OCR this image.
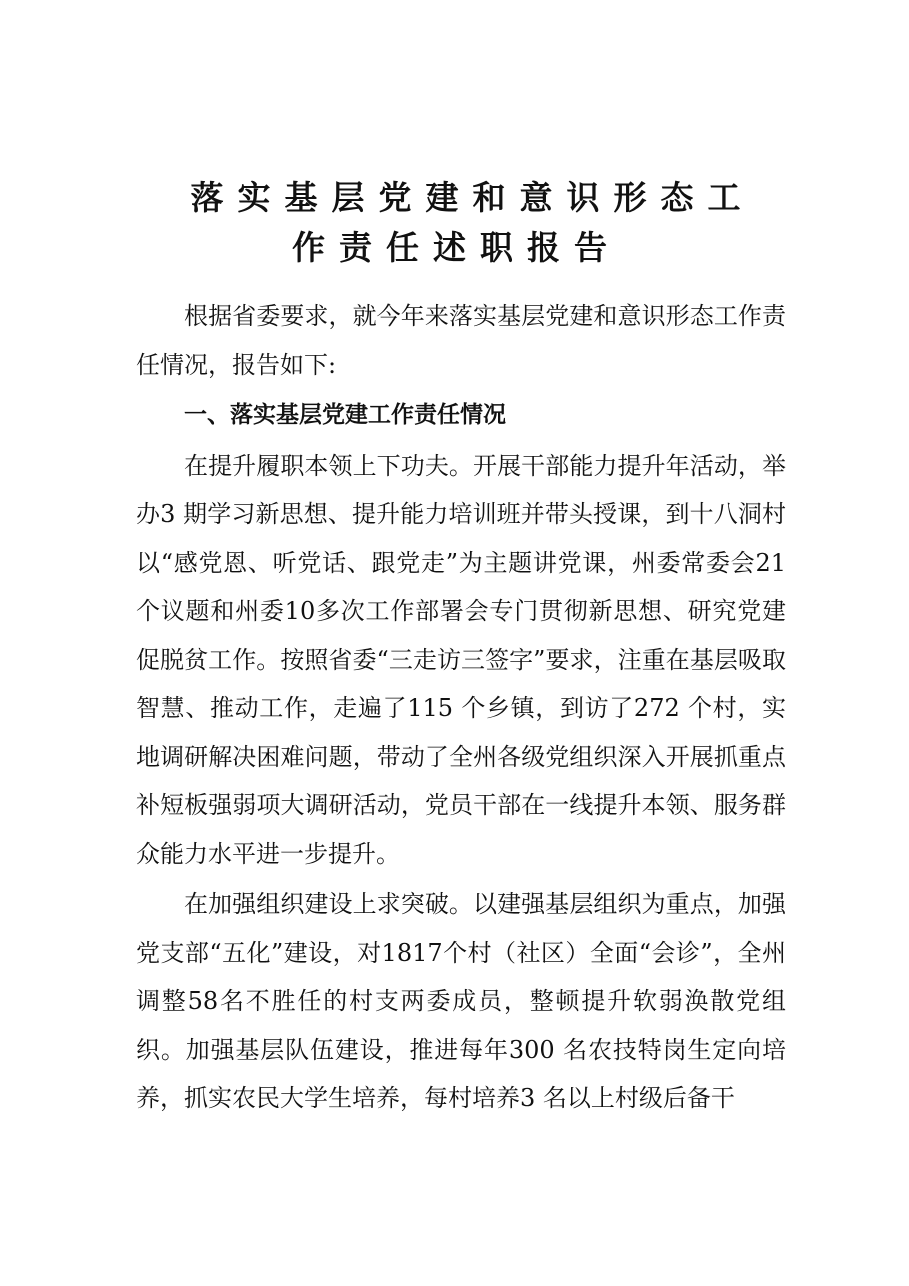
落实基层党建和意识形态工
作责任述职报告

根据省委要求，就今年来落实基层党建和意识形态工作责任情况，报告如下:

一、落实基层党建工作责任情况

在提升履职本领上下功夫。开展干部能力提升年活动，举办3 期学习新思想、提升能力培训班并带头授课，到十八洞村以“感党恩、听党话、跟党走”为主题讲党课，州委常委会21个议题和州委10多次工作部署会专门贯彻新思想、研究党建促脱贫工作。按照省委“三走访三签字”要求，注重在基层吸取智慧、推动工作，走遍了115 个乡镇，到访了272 个村，实地调研解决困难问题，带动了全州各级党组织深入开展抓重点补短板强弱项大调研活动，党员干部在一线提升本领、服务群众能力水平进一步提升。

在加强组织建设上求突破。以建强基层组织为重点，加强党支部“五化”建设，对1817个村（社区）全面“会诊”，全州调整58名不胜任的村支两委成员，整顿提升软弱涣散党组织。加强基层队伍建设，推进每年300 名农技特岗生定向培养，抓实农民大学生培养，每村培养3 名以上村级后备干
